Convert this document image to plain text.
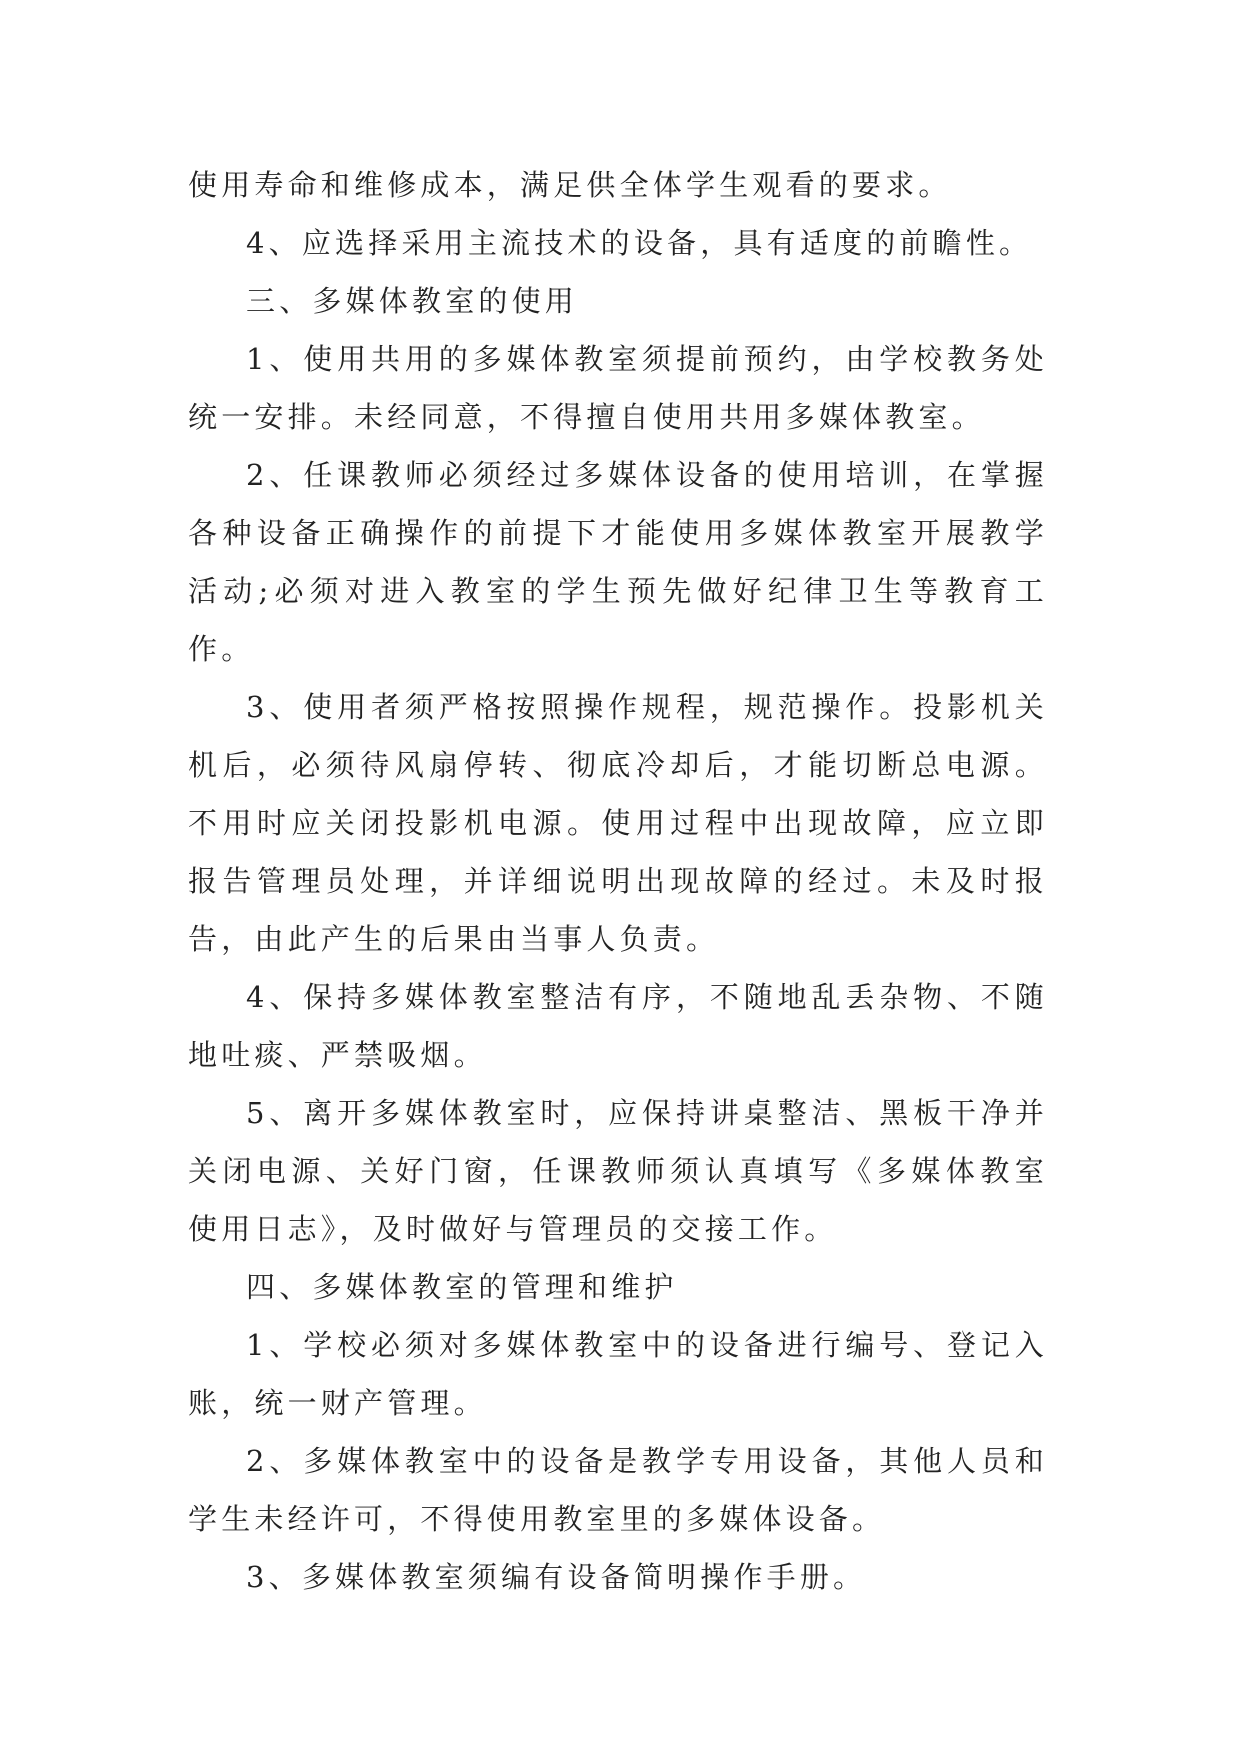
使用寿命和维修成本，满足供全体学生观看的要求。

4、应选择采用主流技术的设备，具有适度的前瞻性。

三、多媒体教室的使用

1、使用共用的多媒体教室须提前预约，由学校教务处统一安排。未经同意，不得擅自使用共用多媒体教室。

2、任课教师必须经过多媒体设备的使用培训，在掌握各种设备正确操作的前提下才能使用多媒体教室开展教学活动;必须对进入教室的学生预先做好纪律卫生等教育工作。

3、使用者须严格按照操作规程，规范操作。投影机关机后，必须待风扇停转、彻底冷却后，才能切断总电源。不用时应关闭投影机电源。使用过程中出现故障，应立即报告管理员处理，并详细说明出现故障的经过。未及时报告，由此产生的后果由当事人负责。

4、保持多媒体教室整洁有序，不随地乱丢杂物、不随地吐痰、严禁吸烟。

5、离开多媒体教室时，应保持讲桌整洁、黑板干净并关闭电源、关好门窗，任课教师须认真填写《多媒体教室使用日志》，及时做好与管理员的交接工作。

四、多媒体教室的管理和维护

1、学校必须对多媒体教室中的设备进行编号、登记入账，统一财产管理。

2、多媒体教室中的设备是教学专用设备，其他人员和学生未经许可，不得使用教室里的多媒体设备。

3、多媒体教室须编有设备简明操作手册。
